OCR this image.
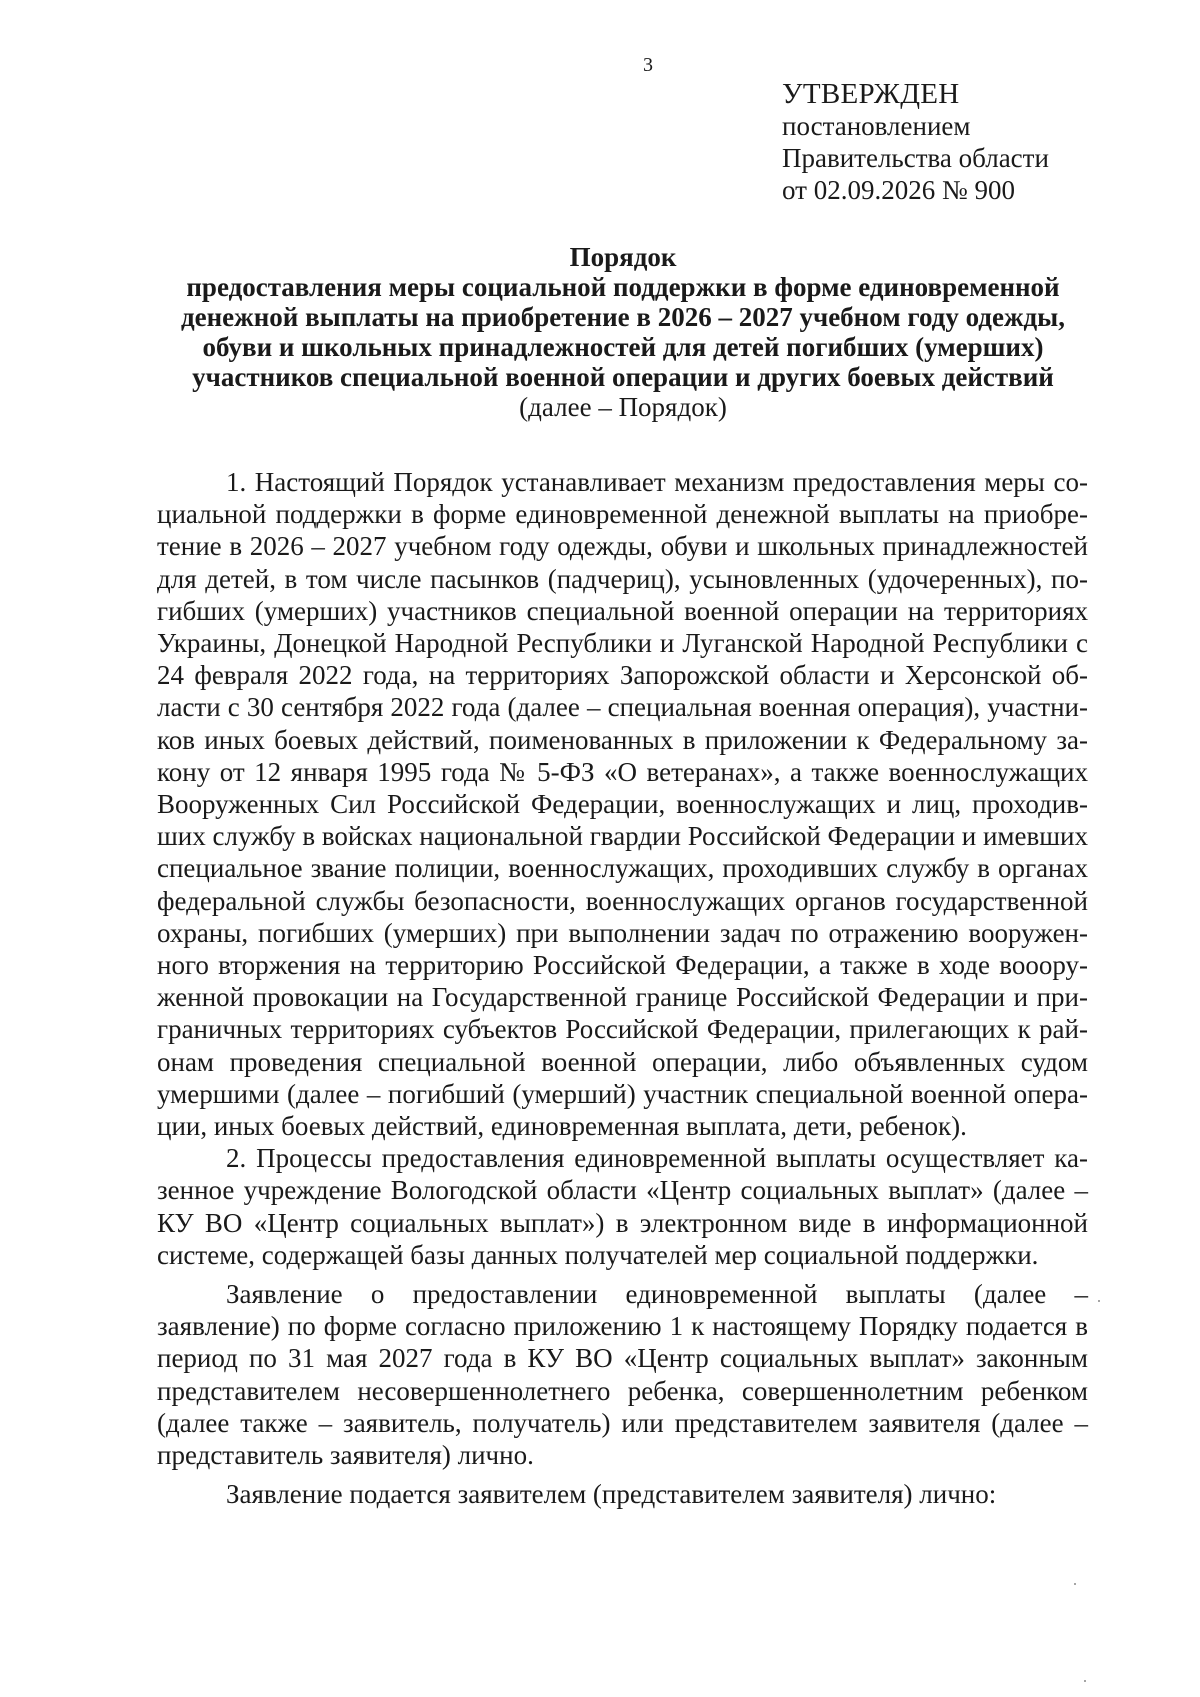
3
УТВЕРЖДЕН
постановлением
Правительства области
от 02.09.2026 № 900
Порядок
предоставления меры социальной поддержки в форме единовременной
денежной выплаты на приобретение в 2026 – 2027 учебном году одежды,
обуви и школьных принадлежностей для детей погибших (умерших)
участников специальной военной операции и других боевых действий
(далее – Порядок)

1. Настоящий Порядок устанавливает механизм предоставления меры социальной поддержки в форме единовременной денежной выплаты на приобретение в 2026 – 2027 учебном году одежды, обуви и школьных принадлежностей для детей, в том числе пасынков (падчериц), усыновленных (удочеренных), погибших (умерших) участников специальной военной операции на территориях Украины, Донецкой Народной Республики и Луганской Народной Республики с 24 февраля 2022 года, на территориях Запорожской области и Херсонской области с 30 сентября 2022 года (далее – специальная военная операция), участников иных боевых действий, поименованных в приложении к Федеральному закону от 12 января 1995 года № 5-ФЗ «О ветеранах», а также военнослужащих Вооруженных Сил Российской Федерации, военнослужащих и лиц, проходивших службу в войсках национальной гвардии Российской Федерации и имевших специальное звание полиции, военнослужащих, проходивших службу в органах федеральной службы безопасности, военнослужащих органов государственной охраны, погибших (умерших) при выполнении задач по отражению вооруженного вторжения на территорию Российской Федерации, а также в ходе воооруженной провокации на Государственной границе Российской Федерации и приграничных территориях субъектов Российской Федерации, прилегающих к районам проведения специальной военной операции, либо объявленных судом умершими (далее – погибший (умерший) участник специальной военной операции, иных боевых действий, единовременная выплата, дети, ребенок).

2. Процессы предоставления единовременной выплаты осуществляет казенное учреждение Вологодской области «Центр социальных выплат» (далее – КУ ВО «Центр социальных выплат») в электронном виде в информационной системе, содержащей базы данных получателей мер социальной поддержки.

Заявление о предоставлении единовременной выплаты (далее – заявление) по форме согласно приложению 1 к настоящему Порядку подается в период по 31 мая 2027 года в КУ ВО «Центр социальных выплат» законным представителем несовершеннолетнего ребенка, совершеннолетним ребенком (далее также – заявитель, получатель) или представителем заявителя (далее – представитель заявителя) лично.

Заявление подается заявителем (представителем заявителя) лично:
